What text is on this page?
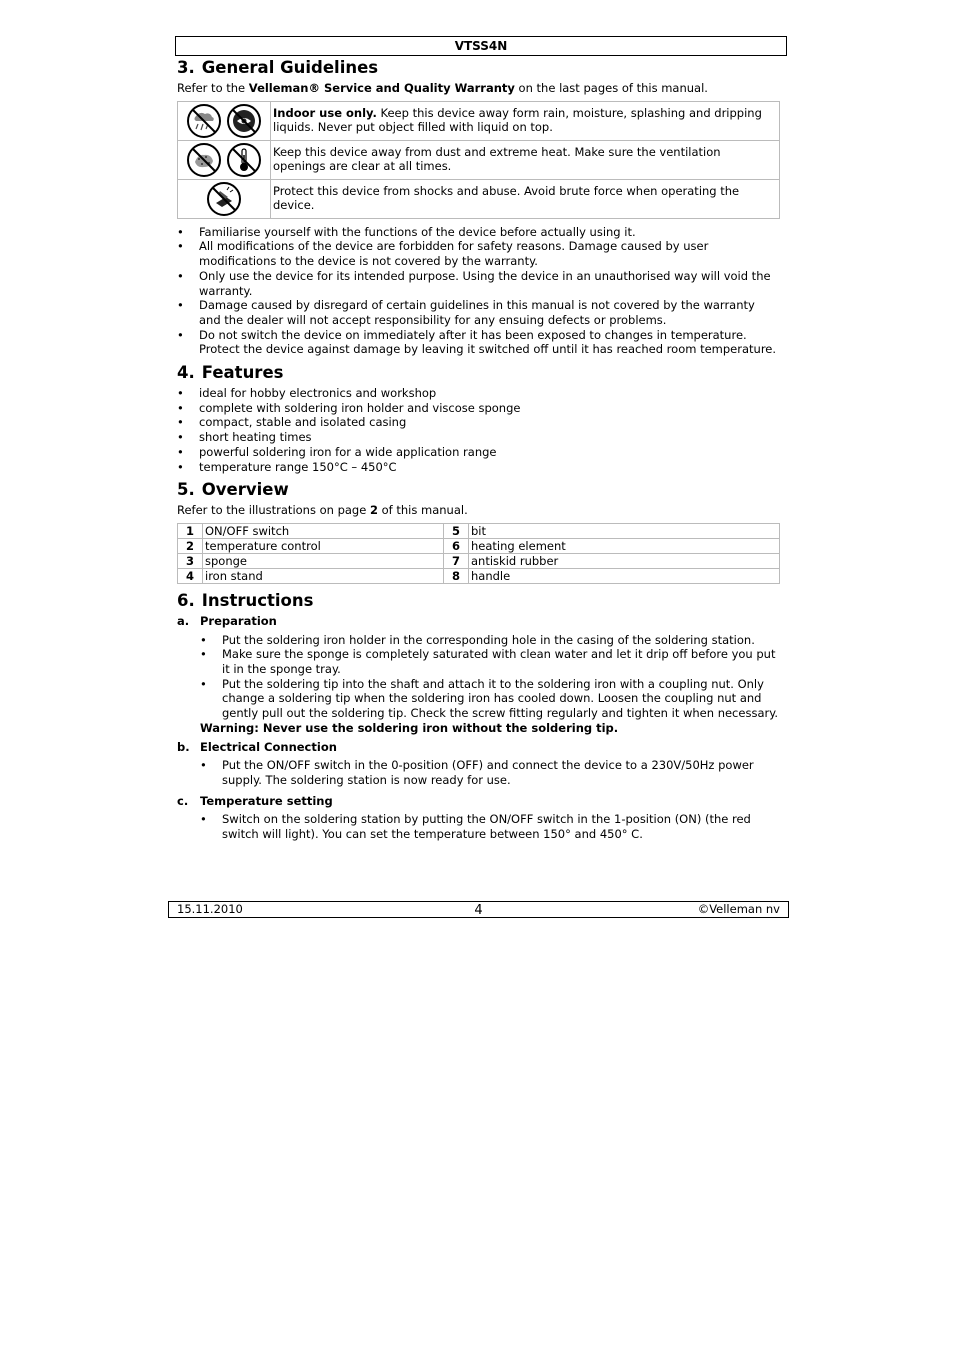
VTSS4N
3. General Guidelines

Refer to the Velleman® Service and Quality Warranty on the last pages of this manual.

	Indoor use only. Keep this device away form rain, moisture, splashing and dripping liquids. Never put object filled with liquid on top.
	Keep this device away from dust and extreme heat. Make sure the ventilation openings are clear at all times.
	Protect this device from shocks and abuse. Avoid brute force when operating the device.
• Familiarise yourself with the functions of the device before actually using it.
• All modifications of the device are forbidden for safety reasons. Damage caused by user modifications to the device is not covered by the warranty.
• Only use the device for its intended purpose. Using the device in an unauthorised way will void the warranty.
• Damage caused by disregard of certain guidelines in this manual is not covered by the warranty and the dealer will not accept responsibility for any ensuing defects or problems.
• Do not switch the device on immediately after it has been exposed to changes in temperature. Protect the device against damage by leaving it switched off until it has reached room temperature.
4. Features
• ideal for hobby electronics and workshop
• complete with soldering iron holder and viscose sponge
• compact, stable and isolated casing
• short heating times
• powerful soldering iron for a wide application range
• temperature range 150°C – 450°C
5. Overview

Refer to the illustrations on page 2 of this manual.

1	ON/OFF switch	5	bit
2	temperature control	6	heating element
3	sponge	7	antiskid rubber
4	iron stand	8	handle
6. Instructions
a. Preparation
• Put the soldering iron holder in the corresponding hole in the casing of the soldering station.
• Make sure the sponge is completely saturated with clean water and let it drip off before you put it in the sponge tray.
• Put the soldering tip into the shaft and attach it to the soldering iron with a coupling nut. Only change a soldering tip when the soldering iron has cooled down. Loosen the coupling nut and gently pull out the soldering tip. Check the screw fitting regularly and tighten it when necessary.
Warning: Never use the soldering iron without the soldering tip.
b. Electrical Connection
• Put the ON/OFF switch in the 0-position (OFF) and connect the device to a 230V/50Hz power supply. The soldering station is now ready for use.
c. Temperature setting
• Switch on the soldering station by putting the ON/OFF switch in the 1-position (ON) (the red switch will light). You can set the temperature between 150° and 450° C.
15.11.2010	4	©Velleman nv
